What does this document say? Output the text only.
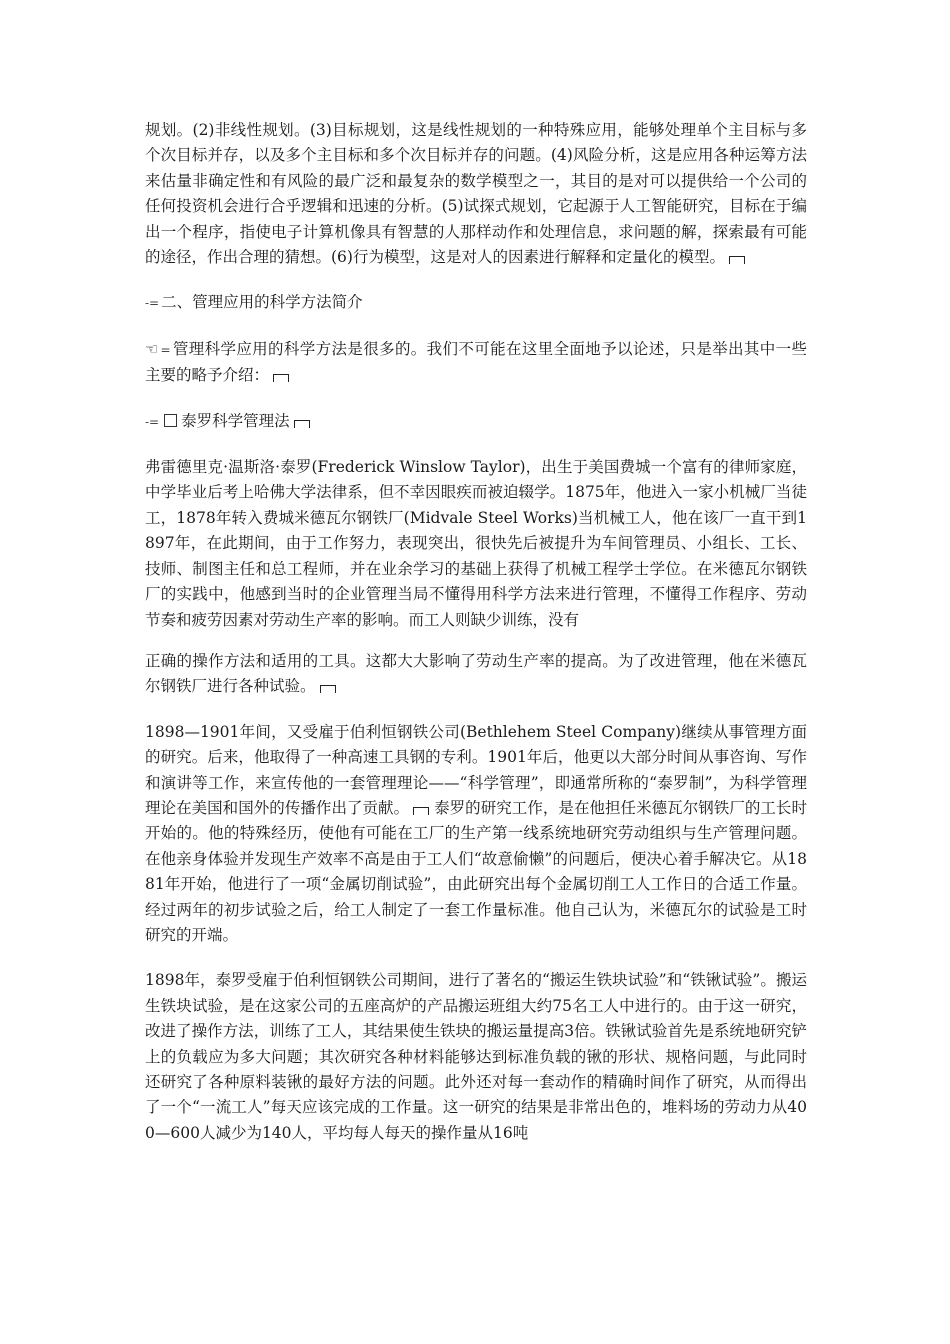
规划。(2)非线性规划。(3)目标规划，这是线性规划的一种特殊应用，能够处理单个主目标与多个次目标并存，以及多个主目标和多个次目标并存的问题。(4)风险分析，这是应用各种运筹方法来估量非确定性和有风险的最广泛和最复杂的数学模型之一，其目的是对可以提供给一个公司的任何投资机会进行合乎逻辑和迅速的分析。(5)试探式规划，它起源于人工智能研究，目标在于编出一个程序，指使电子计算机像具有智慧的人那样动作和处理信息，求问题的解，探索最有可能的途径，作出合理的猜想。(6)行为模型，这是对人的因素进行解释和定量化的模型。

-= 二、管理应用的科学方法简介

☜ = 管理科学应用的科学方法是很多的。我们不可能在这里全面地予以论述，只是举出其中一些主要的略予介绍：

-= 泰罗科学管理法

弗雷德里克·温斯洛·泰罗(Frederick Winslow Taylor)，出生于美国费城一个富有的律师家庭，中学毕业后考上哈佛大学法律系，但不幸因眼疾而被迫辍学。1875年，他进入一家小机械厂当徒工，1878年转入费城米德瓦尔钢铁厂(Midvale Steel Works)当机械工人，他在该厂一直干到1897年，在此期间，由于工作努力，表现突出，很快先后被提升为车间管理员、小组长、工长、技师、制图主任和总工程师，并在业余学习的基础上获得了机械工程学士学位。在米德瓦尔钢铁厂的实践中，他感到当时的企业管理当局不懂得用科学方法来进行管理，不懂得工作程序、劳动节奏和疲劳因素对劳动生产率的影响。而工人则缺少训练，没有

正确的操作方法和适用的工具。这都大大影响了劳动生产率的提高。为了改进管理，他在米德瓦尔钢铁厂进行各种试验。

1898—1901年间，又受雇于伯利恒钢铁公司(Bethlehem Steel Company)继续从事管理方面的研究。后来，他取得了一种高速工具钢的专利。1901年后，他更以大部分时间从事咨询、写作和演讲等工作，来宣传他的一套管理理论——“科学管理”，即通常所称的“泰罗制”，为科学管理理论在美国和国外的传播作出了贡献。 泰罗的研究工作，是在他担任米德瓦尔钢铁厂的工长时开始的。他的特殊经历，使他有可能在工厂的生产第一线系统地研究劳动组织与生产管理问题。在他亲身体验并发现生产效率不高是由于工人们“故意偷懒”的问题后，便决心着手解决它。从1881年开始，他进行了一项“金属切削试验”，由此研究出每个金属切削工人工作日的合适工作量。经过两年的初步试验之后，给工人制定了一套工作量标准。他自己认为，米德瓦尔的试验是工时研究的开端。

1898年，泰罗受雇于伯利恒钢铁公司期间，进行了著名的“搬运生铁块试验”和“铁锹试验”。搬运生铁块试验，是在这家公司的五座高炉的产品搬运班组大约75名工人中进行的。由于这一研究，改进了操作方法，训练了工人，其结果使生铁块的搬运量提高3倍。铁锹试验首先是系统地研究铲上的负载应为多大问题；其次研究各种材料能够达到标准负载的锹的形状、规格问题，与此同时还研究了各种原料装锹的最好方法的问题。此外还对每一套动作的精确时间作了研究，从而得出了一个“一流工人”每天应该完成的工作量。这一研究的结果是非常出色的，堆料场的劳动力从400—600人减少为140人，平均每人每天的操作量从16吨
